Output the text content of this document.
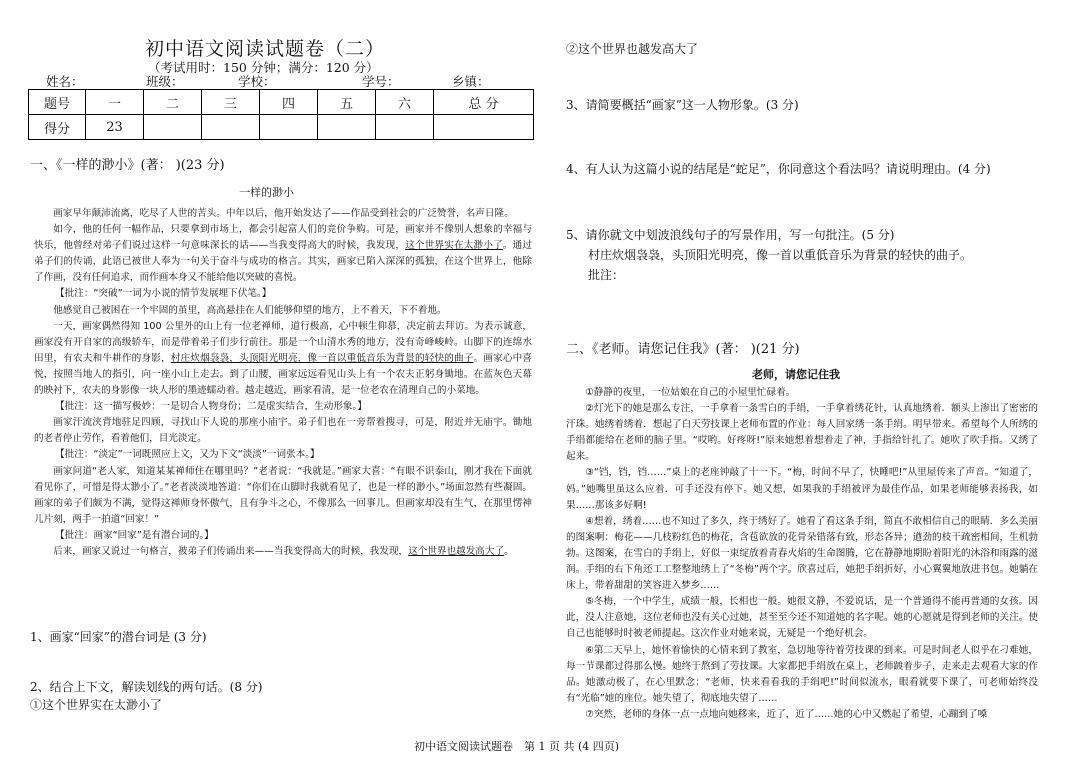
初中语文阅读试题卷（二）
（考试用时：150 分钟；满分：120 分）
姓名：	班级：	学校：	学号：	乡镇：
题号	一	二	三	四	五	六	总 分
得分	23						
一、《一样的渺小》(著： )(23 分)
一样的渺小

画家早年颠沛流离，吃尽了人世的苦头。中年以后，他开始发达了——作品受到社会的广泛赞誉，名声日隆。

如今，他的任何一幅作品，只要拿到市场上，都会引起富人们的竞价争购。可是，画家并不像别人想象的幸福与快乐，他曾经对弟子们说过这样一句意味深长的话——当我变得高大的时候，我发现，这个世界实在太渺小了。通过弟子们的传诵，此语已被世人奉为一句关于奋斗与成功的格言。其实，画家已陷入深深的孤独，在这个世界上，他除了作画，没有任何追求，而作画本身又不能给他以突破的喜悦。

【批注：“突破”一词为小说的情节发展埋下伏笔。】

他感觉自己被困在一个牢固的茧里，高高悬挂在人们能够仰望的地方，上不着天，下不着地。

一天，画家偶然得知 100 公里外的山上有一位老禅师，道行极高，心中顿生仰慕，决定前去拜访。为表示诚意，画家没有开自家的高级轿车，而是带着弟子们步行前往。那是一个山清水秀的地方，没有奇峰峻岭。山脚下的连绵水田里，有农夫和牛耕作的身影，村庄炊烟袅袅，头顶阳光明亮，像一首以重低音乐为背景的轻快的曲子。画家心中喜悦，按照当地人的指引，向一座小山上走去。到了山腰，画家远远看见山头上有一个农夫正躬身锄地。在蓝灰色天幕的映衬下，农夫的身影像一块人形的墨迹蠕动着。越走越近，画家看清，是一位老农在清理自己的小菜地。

【批注：这一描写极妙：一是切合人物身份；二是虚实结合，生动形象。】

画家汗流浃背地驻足四顾，寻找山下人说的那座小庙宇。弟子们也在一旁帮着搜寻，可是，附近并无庙宇。锄地的老者停止劳作，看着他们，目光淡定。

【批注：“淡定”一词既照应上文，又为下文“淡淡”一词张本。】

画家问道“老人家，知道某某禅师住在哪里吗？”老者说：“我就是。”画家大喜：“有眼不识泰山，刚才我在下面就看见你了，可惜是得太渺小了。”老者淡淡地答道：“你们在山脚时我就看见了，也是一样的渺小。”场面忽然有些凝固。画家的弟子们颇为不满，觉得这禅师身怀傲气，且有争斗之心，不像那么一回事儿。但画家却没有生气，在那里愣神儿片刻，两手一拍道“回家！”

【批注：画家“回家”是有潜台词的。】

后来，画家又说过一句格言，被弟子们传诵出来——当我变得高大的时候，我发现，这个世界也越发高大了。

1、画家“回家”的潜台词是 (3 分)
2、结合上下文，解读划线的两句话。(8 分)
①这个世界实在太渺小了
②这个世界也越发高大了
3、请简要概括“画家”这一人物形象。(3 分)
4、有人认为这篇小说的结尾是“蛇足”，你同意这个看法吗？请说明理由。(4 分)
5、请你就文中划波浪线句子的写景作用，写一句批注。(5 分)
村庄炊烟袅袅，头顶阳光明亮，像一首以重低音乐为背景的轻快的曲子。
批注：
二、《老师。请您记住我》(著： )(21 分)
老师，请您记住我

①静静的夜里，一位姑娘在自己的小屋里忙碌着。

②灯光下的她是那么专注，一手拿着一条雪白的手绢，一手拿着绣花针，认真地绣着．额头上渗出了密密的汗珠。她绣着绣着．想起了白天劳技课上老师布置的作业：每人回家绣一条手绢。明早带来。希望每个人所绣的手绢都能给在老师的脑子里。“哎哟。好疼呀!”原来她想着想着走了神，手指给针扎了。她吹了吹手指。又绣了起来。

③“铛，铛，铛……”桌上的老座钟敲了十一下。“梅，时间不早了，快睡吧!”从里屋传来了声音。“知道了，妈。”她嘴里虽这么应着．可手还没有停下。她又想，如果我的手绢被评为最佳作品，如果老师能够表扬我，如果……那该多好啊!

④想着，绣着……也不知过了多久，终于绣好了。她看了看这条手绢，简直不敢相信自己的眼睛．多么美丽的图案啊：梅花——几枝粉红色的梅花，含苞欲放的花骨朵错落有致，形态各异；遒劲的枝干疏密相间，生机勃勃。这图案，在雪白的手绢上，好似一束绽放着青春火焰的生命图腾，它在静静地期盼着阳光的沐浴和雨露的滋润。手绢的右下角还工工整整地绣上了“冬梅”两个字。欣喜过后，她把手绢折好，小心翼翼地放进书包。她躺在床上，带着甜甜的笑容进入梦乡……

⑤冬梅，一个中学生，成绩一般，长相也一般。她很文静，不爱说话，是一个普通得不能再普通的女孩。因此，没人注意她，这位老师也没有关心过她，甚至至今还不知道她的名字呢。她的心愿就是得到老师的关注。使自己也能够时时被老师提起。这次作业对她来说，无疑是一个绝好机会。

⑥第二天早上，她怀着愉快的心情来到了教室，急切地等待着劳技课的到来。可是时间老人似乎在刁难她，每一节课都过得那么慢。她终于熬到了劳技课。大家都把手绢放在桌上，老师踱着步子，走来走去观看大家的作品。她激动极了，在心里默念：“老师，快来看看我的手绢吧!”时间似流水，眼看就要下课了，可老师始终没有“光临”她的座位。她失望了，彻底地失望了……

⑦突然，老师的身体一点一点地向她移来，近了，近了……她的心中又燃起了希望，心蹦到了嗓

初中语文阅读试题卷　第 1 页 共 (4 四页)
